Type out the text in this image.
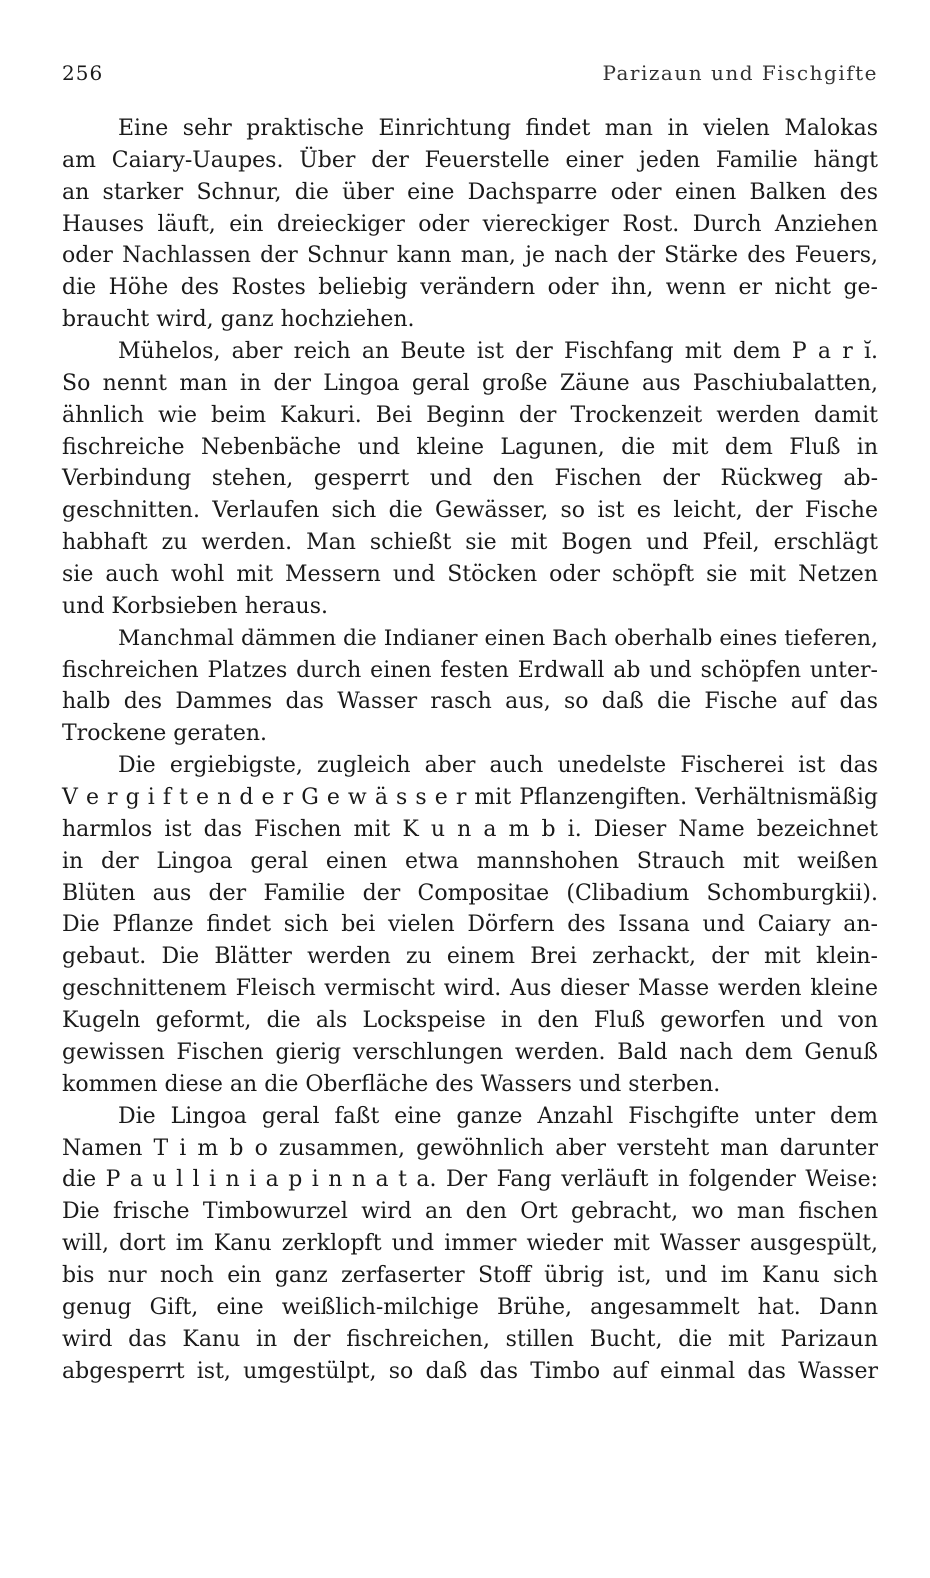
256	Parizaun und Fischgifte
Eine sehr praktische Einrichtung findet man in vielen Malokas
am Caiary-Uaupes. Über der Feuerstelle einer jeden Familie hängt
an starker Schnur, die über eine Dachsparre oder einen Balken des
Hauses läuft, ein dreieckiger oder viereckiger Rost. Durch Anziehen
oder Nachlassen der Schnur kann man, je nach der Stärke des Feuers,
die Höhe des Rostes beliebig verändern oder ihn, wenn er nicht ge-
braucht wird, ganz hochziehen.
Mühelos, aber reich an Beute ist der Fischfang mit dem P a r ĭ.
So nennt man in der Lingoa geral große Zäune aus Paschiubalatten,
ähnlich wie beim Kakuri. Bei Beginn der Trockenzeit werden damit
fischreiche Nebenbäche und kleine Lagunen, die mit dem Fluß in
Verbindung stehen, gesperrt und den Fischen der Rückweg ab-
geschnitten. Verlaufen sich die Gewässer, so ist es leicht, der Fische
habhaft zu werden. Man schießt sie mit Bogen und Pfeil, erschlägt
sie auch wohl mit Messern und Stöcken oder schöpft sie mit Netzen
und Korbsieben heraus.
Manchmal dämmen die Indianer einen Bach oberhalb eines tieferen,
fischreichen Platzes durch einen festen Erdwall ab und schöpfen unter-
halb des Dammes das Wasser rasch aus, so daß die Fische auf das
Trockene geraten.
Die ergiebigste, zugleich aber auch unedelste Fischerei ist das
V e r g i f t e n d e r G e w ä s s e r mit Pflanzengiften. Verhältnismäßig
harmlos ist das Fischen mit K u n a m b i. Dieser Name bezeichnet
in der Lingoa geral einen etwa mannshohen Strauch mit weißen
Blüten aus der Familie der Compositae (Clibadium Schomburgkii).
Die Pflanze findet sich bei vielen Dörfern des Issana und Caiary an-
gebaut. Die Blätter werden zu einem Brei zerhackt, der mit klein-
geschnittenem Fleisch vermischt wird. Aus dieser Masse werden kleine
Kugeln geformt, die als Lockspeise in den Fluß geworfen und von
gewissen Fischen gierig verschlungen werden. Bald nach dem Genuß
kommen diese an die Oberfläche des Wassers und sterben.
Die Lingoa geral faßt eine ganze Anzahl Fischgifte unter dem
Namen T i m b o zusammen, gewöhnlich aber versteht man darunter
die P a u l l i n i a p i n n a t a. Der Fang verläuft in folgender Weise:
Die frische Timbowurzel wird an den Ort gebracht, wo man fischen
will, dort im Kanu zerklopft und immer wieder mit Wasser ausgespült,
bis nur noch ein ganz zerfaserter Stoff übrig ist, und im Kanu sich
genug Gift, eine weißlich-milchige Brühe, angesammelt hat. Dann
wird das Kanu in der fischreichen, stillen Bucht, die mit Parizaun
abgesperrt ist, umgestülpt, so daß das Timbo auf einmal das Wasser
